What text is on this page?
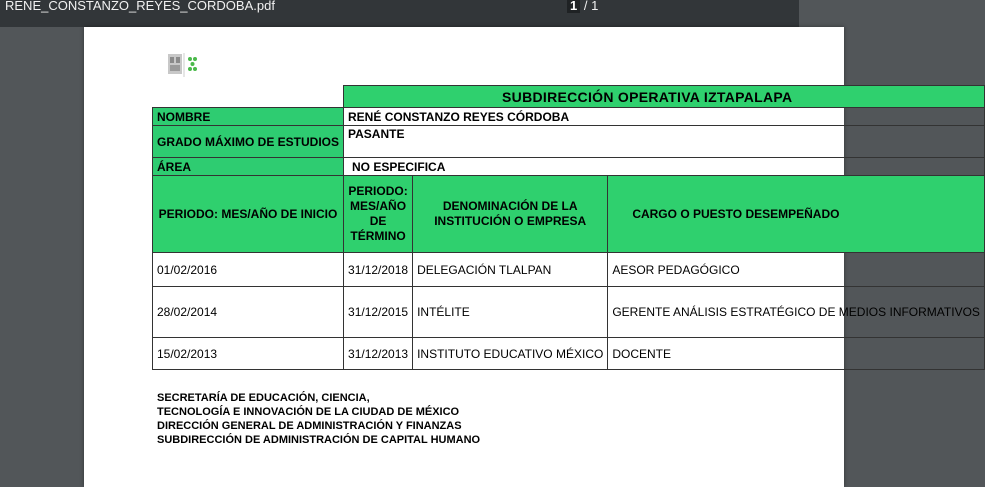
RENE_CONSTANZO_REYES_CORDOBA.pdf	1 / 1
	SUBDIRECCIÓN OPERATIVA IZTAPALAPA		
NOMBRE	RENÉ CONSTANZO REYES CÓRDOBA		
GRADO MÁXIMO DE ESTUDIOS	PASANTE		
ÁREA	NO ESPECIFICA		
PERIODO: MES/AÑO DE INICIO	PERIODO: MES/AÑO DE TÉRMINO	DENOMINACIÓN DE LA INSTITUCIÓN O EMPRESA	CARGO O PUESTO DESEMPEÑADO
01/02/2016	31/12/2018	DELEGACIÓN TLALPAN	AESOR PEDAGÓGICO
28/02/2014	31/12/2015	INTÉLITE	GERENTE ANÁLISIS ESTRATÉGICO DE MEDIOS INFORMATIVOS
15/02/2013	31/12/2013	INSTITUTO EDUCATIVO MÉXICO	DOCENTE
SECRETARÍA DE EDUCACIÓN, CIENCIA,
TECNOLOGÍA E INNOVACIÓN DE LA CIUDAD DE MÉXICO
DIRECCIÓN GENERAL DE ADMINISTRACIÓN Y FINANZAS
SUBDIRECCIÓN DE ADMINISTRACIÓN DE CAPITAL HUMANO
